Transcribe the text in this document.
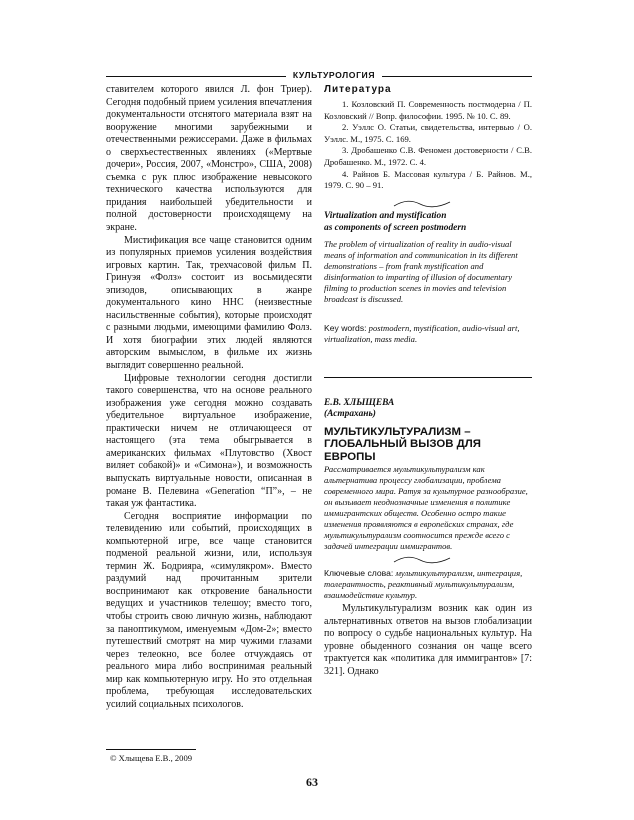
КУЛЬТУРОЛОГИЯ

ставителем которого явился Л. фон Триер). Сегодня подобный прием усиления впечатления документальности отснятого материала взят на вооружение многими зарубежными и отечественными режиссерами. Даже в фильмах о сверхъестественных явлениях («Мертвые дочери», Россия, 2007, «Монстро», США, 2008) съемка с рук плюс изображение невысокого технического качества используются для придания наибольшей убедительности и полной достоверности происходящему на экране.

Мистификация все чаще становится одним из популярных приемов усиления воздействия игровых картин. Так, трехчасовой фильм П. Гринуэя «Фолз» состоит из восьмидесяти эпизодов, описывающих в жанре документального кино ННС (неизвестные насильственные события), которые происходят с разными людьми, имеющими фамилию Фолз. И хотя биографии этих людей являются авторским вымыслом, в фильме их жизнь выглядит совершенно реальной.

Цифровые технологии сегодня достигли такого совершенства, что на основе реального изображения уже сегодня можно создавать убедительное виртуальное изображение, практически ничем не отличающееся от настоящего (эта тема обыгрывается в американских фильмах «Плутовство (Хвост виляет собакой)» и «Симона»), и возможность выпускать виртуальные новости, описанная в романе В. Пелевина «Generation “П”», – не такая уж фантастика.

Сегодня восприятие информации по телевидению или событий, происходящих в компьютерной игре, все чаще становится подменой реальной жизни, или, используя термин Ж. Бодрияра, «симулякром». Вместо раздумий над прочитанным зрители воспринимают как откровение банальности ведущих и участников телешоу; вместо того, чтобы строить свою личную жизнь, наблюдают за паноптикумом, именуемым «Дом-2»; вместо путешествий смотрят на мир чужими глазами через телеокно, все более отчуждаясь от реального мира либо воспринимая реальный мир как компьютерную игру. Но это отдельная проблема, требующая исследовательских усилий социальных психологов.

Литература

1. Козловский П. Современность постмодерна / П. Козловский // Вопр. философии. 1995. № 10. С. 89.

2. Уэллс О. Статьи, свидетельства, интервью / О. Уэллс. М., 1975. С. 169.

3. Дробашенко С.В. Феномен достоверности / С.В. Дробашенко. М., 1972. С. 4.

4. Райнов Б. Массовая культура / Б. Райнов. М., 1979. С. 90 – 91.

Virtualization and mystification
as components of screen postmodern
The problem of virtualization of reality in audio-visual means of information and communication in its different demonstrations – from frank mystification and disinformation to imparting of illusion of documentary filming to production scenes in movies and television broadcast is discussed.
Key words: postmodern, mystification, audio-visual art, virtualization, mass media.
Е.В. ХЛЫЩЕВА
(Астрахань)
МУЛЬТИКУЛЬТУРАЛИЗМ –
ГЛОБАЛЬНЫЙ ВЫЗОВ ДЛЯ
ЕВРОПЫ
Рассматривается мультикультурализм как альтернатива процессу глобализации, проблема современного мира. Ратуя за культурное разнообразие, он вызывает неоднозначные изменения в политике иммигрантских обществ. Особенно остро такие изменения проявляются в европейских странах, где мультикультурализм соотносится прежде всего с задачей интеграции иммигрантов.
Ключевые слова: мультикультурализм, интеграция, толерантность, реактивный мультикультурализм, взаимодействие культур.

Мультикультурализм возник как один из альтернативных ответов на вызов глобализации по вопросу о судьбе национальных культур. На уровне обыденного сознания он чаще всего трактуется как «политика для иммигрантов» [7: 321]. Однако

© Хлыщева Е.В., 2009
63
